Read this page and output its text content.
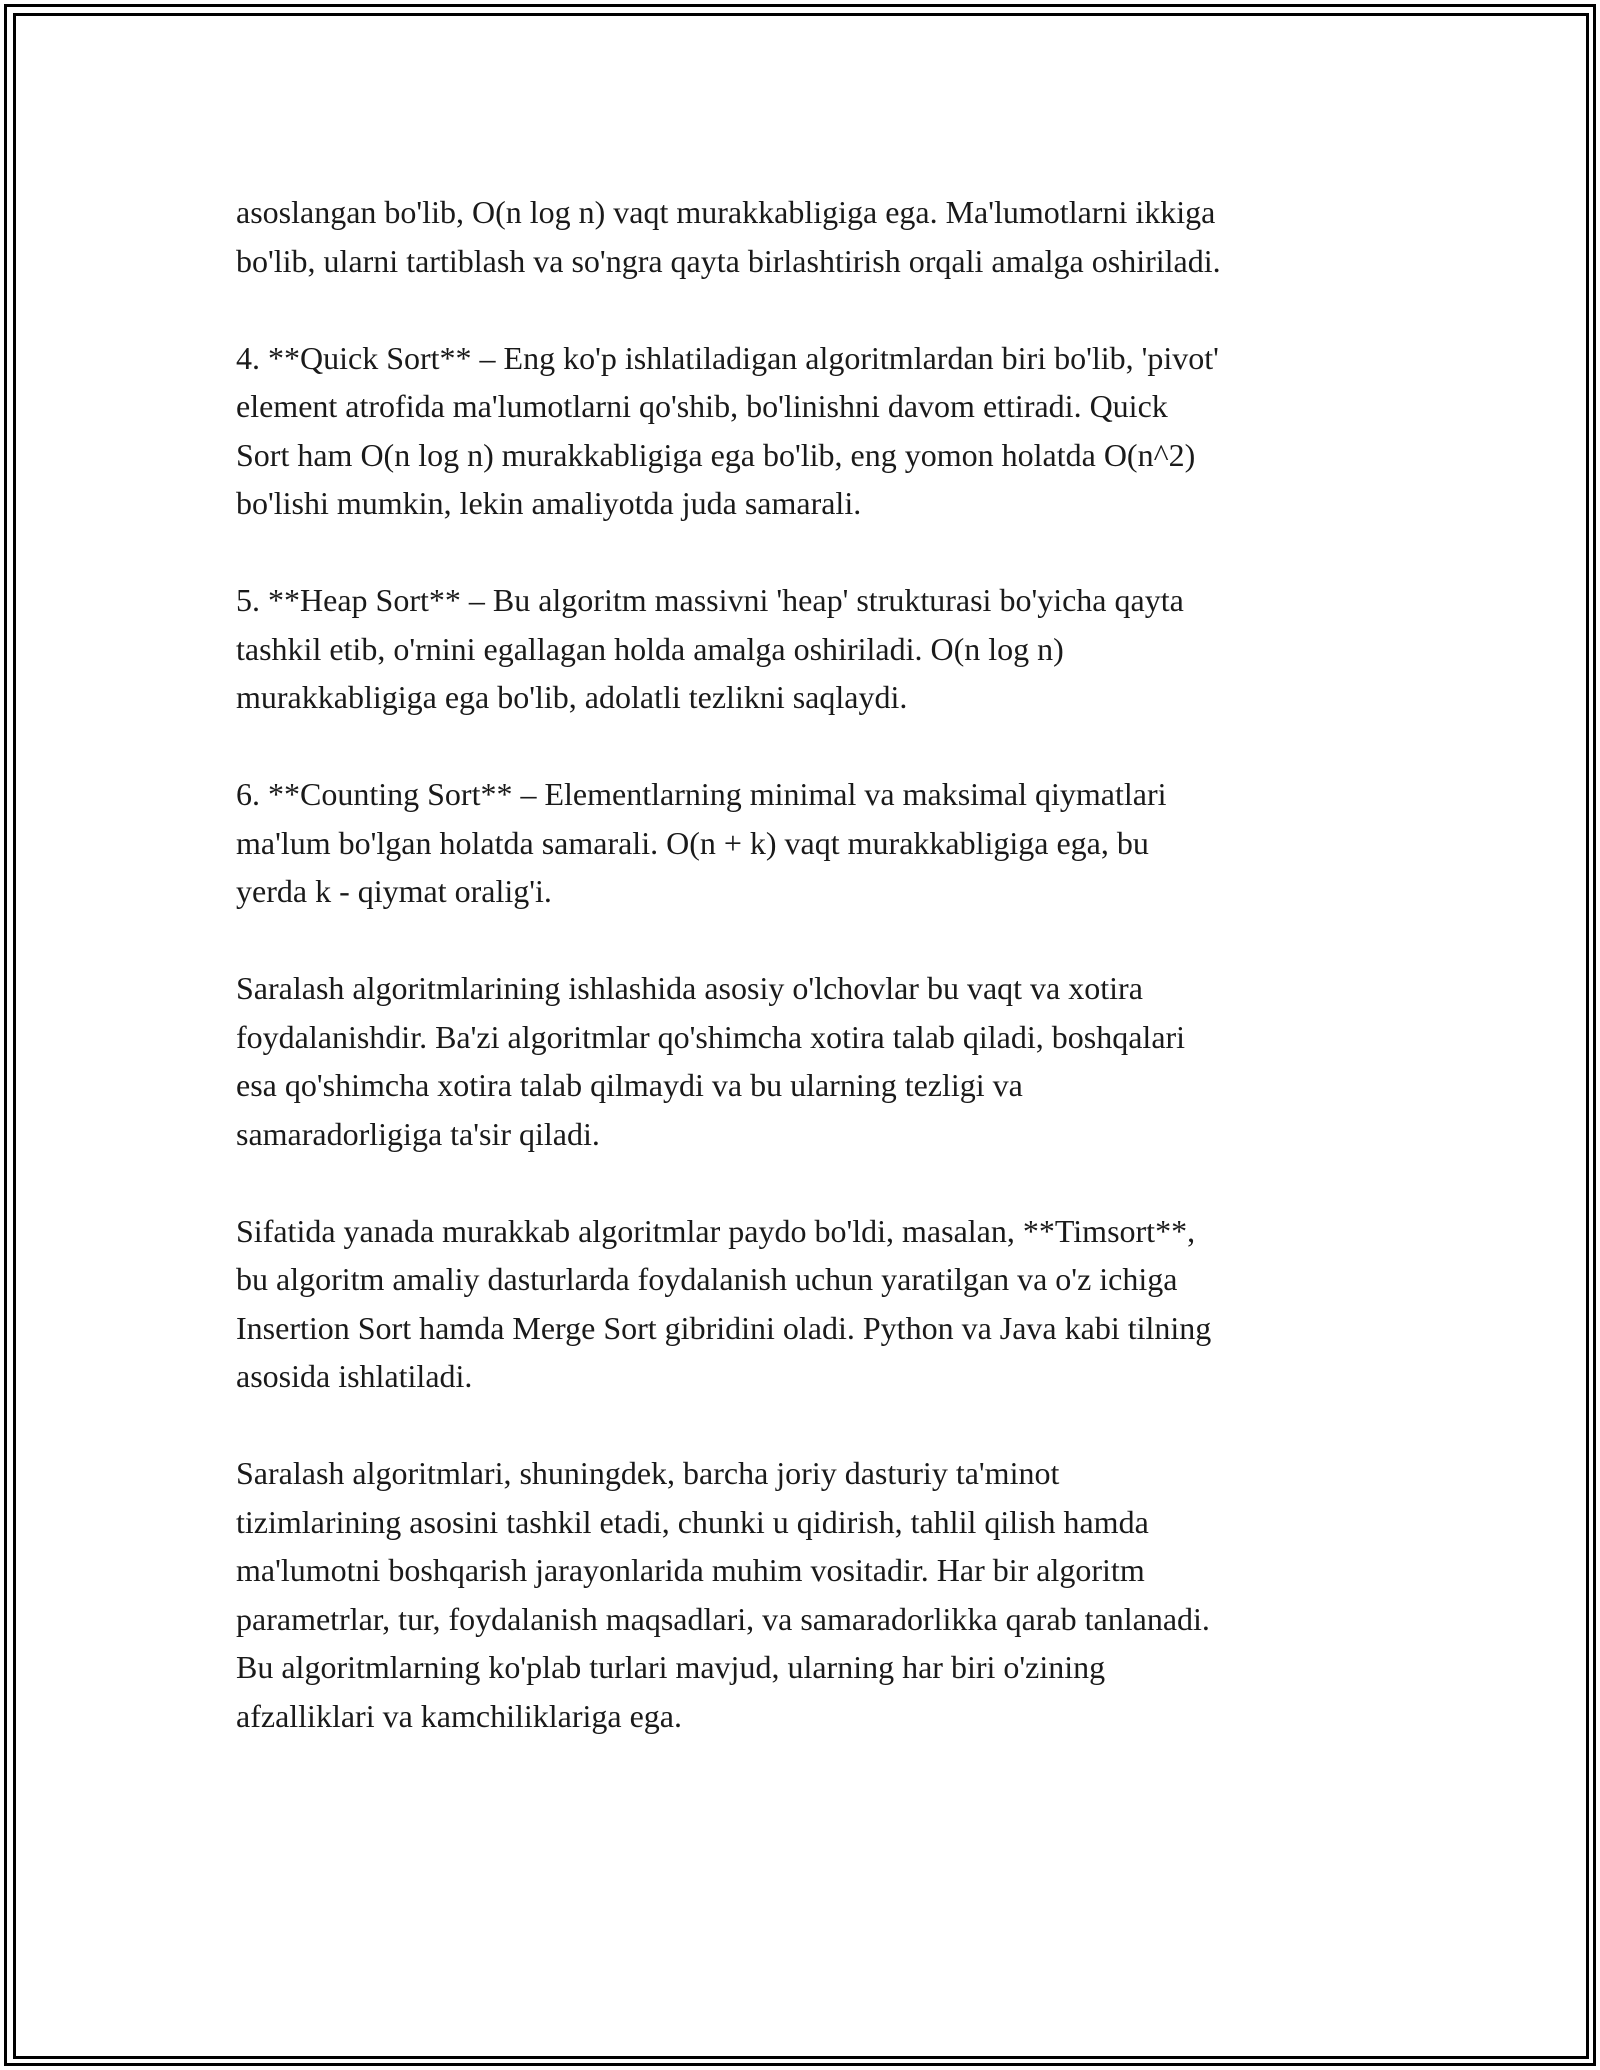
asoslangan bo'lib, O(n log n) vaqt murakkabligiga ega. Ma'lumotlarni ikkiga
bo'lib, ularni tartiblash va so'ngra qayta birlashtirish orqali amalga oshiriladi.

4. **Quick Sort** – Eng ko'p ishlatiladigan algoritmlardan biri bo'lib, 'pivot'
element atrofida ma'lumotlarni qo'shib, bo'linishni davom ettiradi. Quick
Sort ham O(n log n) murakkabligiga ega bo'lib, eng yomon holatda O(n^2)
bo'lishi mumkin, lekin amaliyotda juda samarali.

5. **Heap Sort** – Bu algoritm massivni 'heap' strukturasi bo'yicha qayta
tashkil etib, o'rnini egallagan holda amalga oshiriladi. O(n log n)
murakkabligiga ega bo'lib, adolatli tezlikni saqlaydi.

6. **Counting Sort** – Elementlarning minimal va maksimal qiymatlari
ma'lum bo'lgan holatda samarali. O(n + k) vaqt murakkabligiga ega, bu
yerda k - qiymat oralig'i.

Saralash algoritmlarining ishlashida asosiy o'lchovlar bu vaqt va xotira
foydalanishdir. Ba'zi algoritmlar qo'shimcha xotira talab qiladi, boshqalari
esa qo'shimcha xotira talab qilmaydi va bu ularning tezligi va
samaradorligiga ta'sir qiladi.

Sifatida yanada murakkab algoritmlar paydo bo'ldi, masalan, **Timsort**,
bu algoritm amaliy dasturlarda foydalanish uchun yaratilgan va o'z ichiga
Insertion Sort hamda Merge Sort gibridini oladi. Python va Java kabi tilning
asosida ishlatiladi.

Saralash algoritmlari, shuningdek, barcha joriy dasturiy ta'minot
tizimlarining asosini tashkil etadi, chunki u qidirish, tahlil qilish hamda
ma'lumotni boshqarish jarayonlarida muhim vositadir. Har bir algoritm
parametrlar, tur, foydalanish maqsadlari, va samaradorlikka qarab tanlanadi.
Bu algoritmlarning ko'plab turlari mavjud, ularning har biri o'zining
afzalliklari va kamchiliklariga ega.
